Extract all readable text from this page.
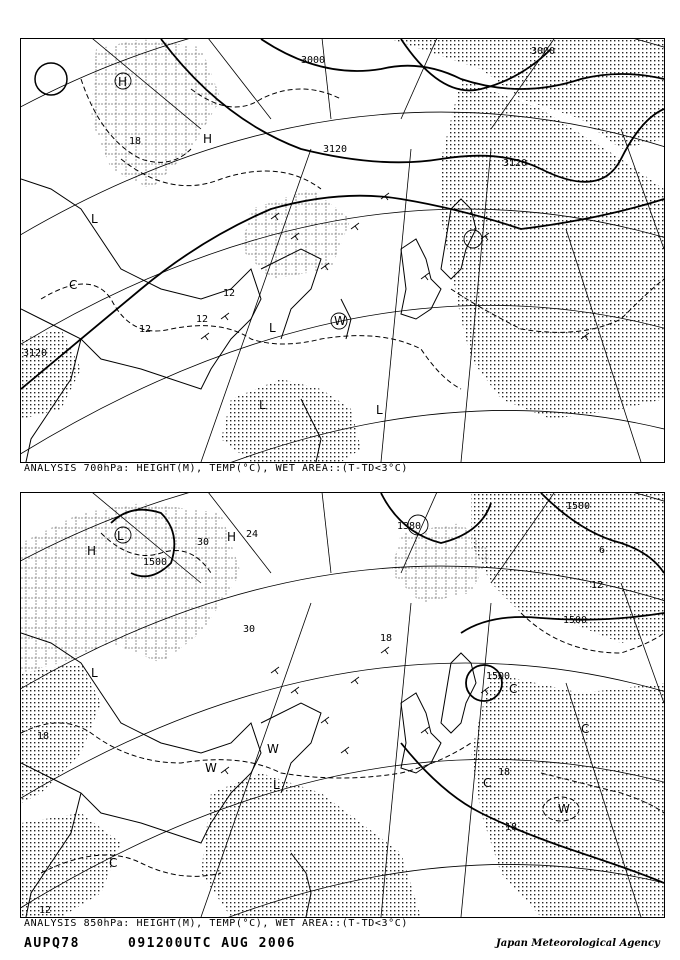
3000
3120
3120
3000
3120
12
12
12
18
L
L
L	L
C
H
H
W
ANALYSIS 700hPa: HEIGHT(M), TEMP(°C), WET AREA::(T-TD<3°C)
1500
1500
1500
1500
1380
30
24
30
18
18
18
18
12
12
6
L
L
L
H
H
C
C
C
C
W
W
W
ANALYSIS 850hPa: HEIGHT(M), TEMP(°C), WET AREA::(T-TD<3°C)
AUPQ78	091200UTC AUG 2006	Japan Meteorological Agency
